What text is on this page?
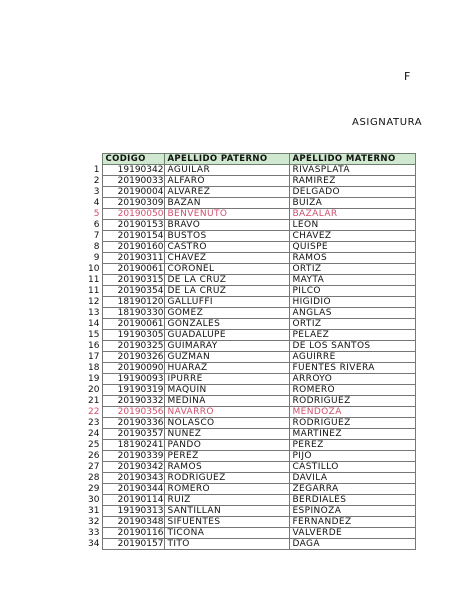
F
ASIGNATURA
	CÓDIGO	APELLIDO PATERNO	APELLIDO MATERNO
1	19190342	AGUILAR	RIVASPLATA
2	20190033	ALFARO	RAMIREZ
3	20190004	ALVAREZ	DELGADO
4	20190309	BAZAN	BUIZA
5	20190050	BENVENUTO	BAZALAR
6	20190153	BRAVO	LEON
7	20190154	BUSTOS	CHAVEZ
8	20190160	CASTRO	QUISPE
9	20190311	CHAVEZ	RAMOS
10	20190061	CORONEL	ORTIZ
11	20190315	DE LA CRUZ	MAYTA
11	20190354	DE LA CRUZ	PILCO
12	18190120	GALLUFFI	HIGIDIO
13	18190330	GOMEZ	ANGLAS
14	20190061	GONZALES	ORTIZ
15	19190305	GUADALUPE	PELAEZ
16	20190325	GUIMARAY	DE LOS SANTOS
17	20190326	GUZMAN	AGUIRRE
18	20190090	HUARAZ	FUENTES RIVERA
19	19190093	IPURRE	ARROYO
20	19190319	MAQUIN	ROMERO
21	20190332	MEDINA	RODRIGUEZ
22	20190356	NAVARRO	MENDOZA
23	20190336	NOLASCO	RODRIGUEZ
24	20190357	NUÑEZ	MARTINEZ
25	18190241	PANDO	PEREZ
26	20190339	PEREZ	PIJO
27	20190342	RAMOS	CASTILLO
28	20190343	RODRIGUEZ	DAVILA
29	20190344	ROMERO	ZEGARRA
30	20190114	RUIZ	BERDIALES
31	19190313	SANTILLÁN	ESPINOZA
32	20190348	SIFUENTES	FERNANDEZ
33	20190116	TICONA	VALVERDE
34	20190157	TITO	DAGA
